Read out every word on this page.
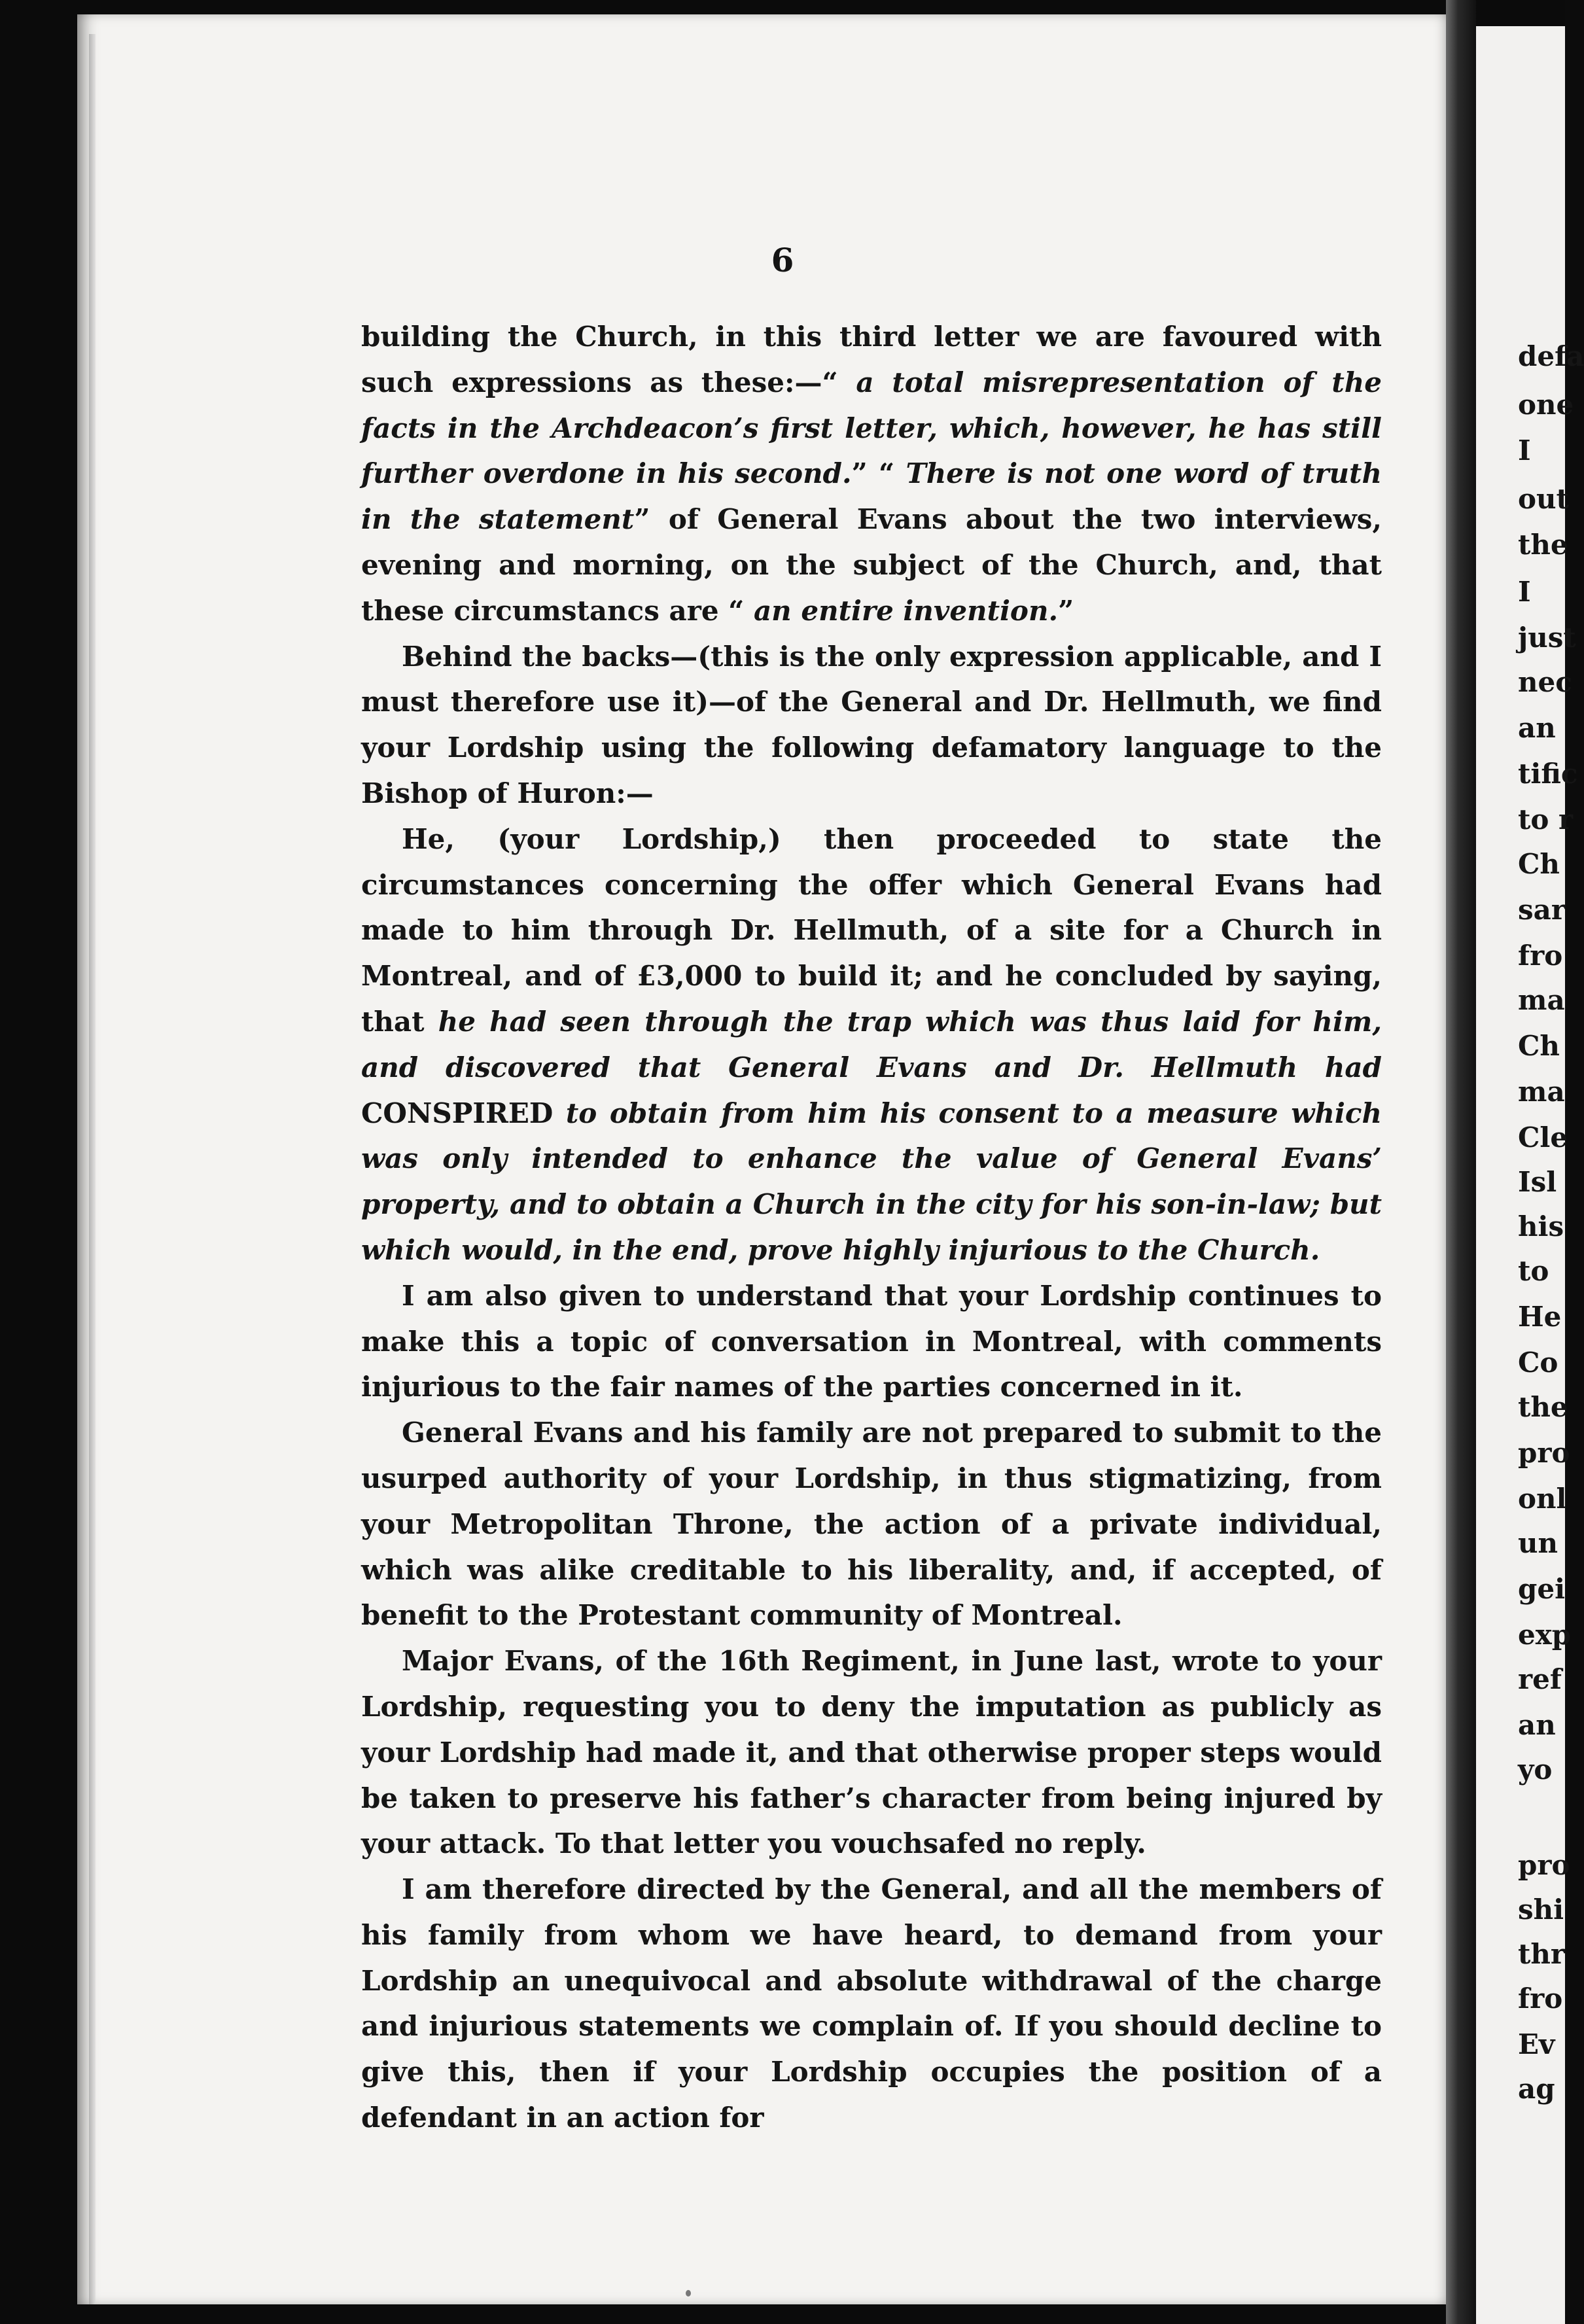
6

building the Church, in this third letter we are favoured with such expressions as these:—“ a total misrepresentation of the facts in the Archdeacon’s first letter, which, however, he has still further overdone in his second.” “ There is not one word of truth in the statement” of General Evans about the two interviews, evening and morning, on the subject of the Church, and, that these circumstancs are “ an entire invention.”

Behind the backs—(this is the only expression applicable, and I must therefore use it)—of the General and Dr. Hellmuth, we find your Lordship using the following defamatory language to the Bishop of Huron:—

He, (your Lordship,) then proceeded to state the circumstances concerning the offer which General Evans had made to him through Dr. Hellmuth, of a site for a Church in Montreal, and of £3,000 to build it; and he concluded by saying, that he had seen through the trap which was thus laid for him, and discovered that General Evans and Dr. Hellmuth had CONSPIRED to obtain from him his consent to a measure which was only intended to enhance the value of General Evans’ property, and to obtain a Church in the city for his son-in-law; but which would, in the end, prove highly injurious to the Church.

I am also given to understand that your Lordship continues to make this a topic of conversation in Montreal, with comments injurious to the fair names of the parties concerned in it.

General Evans and his family are not prepared to submit to the usurped authority of your Lordship, in thus stigmatizing, from your Metropolitan Throne, the action of a private individual, which was alike creditable to his liberality, and, if accepted, of benefit to the Protestant community of Montreal.

Major Evans, of the 16th Regiment, in June last, wrote to your Lordship, requesting you to deny the imputation as publicly as your Lordship had made it, and that otherwise proper steps would be taken to preserve his father’s character from being injured by your attack. To that letter you vouchsafed no reply.

I am therefore directed by the General, and all the members of his family from whom we have heard, to demand from your Lordship an unequivocal and absolute withdrawal of the charge and injurious statements we complain of. If you should decline to give this, then if your Lordship occupies the position of a defendant in an action for

defa
one
I
out
the
I
just
nec
an
tific
to r
Ch
sar
fro
ma
Ch
ma
Cle
Isl
his
to
He
Co
the
pro
onl
un
gei
exp
ref
an
yo
pro
shi
thr
fro
Ev
ag
